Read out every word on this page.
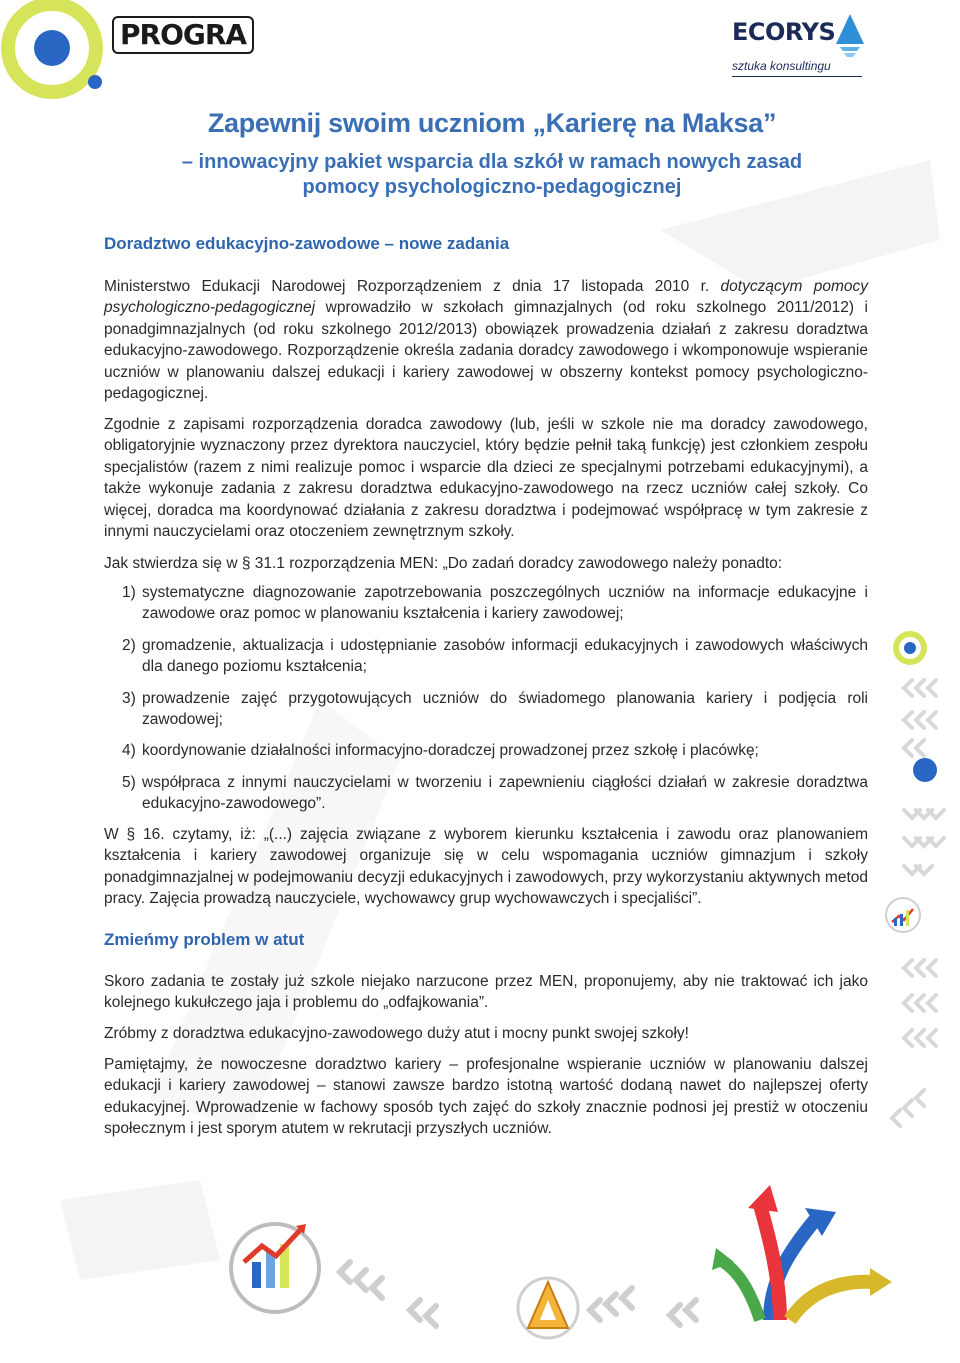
PROGRA	ECORYS
sztuka konsultingu
Zapewnij swoim uczniom „Karierę na Maksa”

– innowacyjny pakiet wsparcia dla szkół w ramach nowych zasad
pomocy psychologiczno-pedagogicznej

Doradztwo edukacyjno-zawodowe – nowe zadania

Ministerstwo Edukacji Narodowej Rozporządzeniem z dnia 17 listopada 2010 r. dotyczącym pomocy psychologiczno-pedagogicznej wprowadziło w szkołach gimnazjalnych (od roku szkolnego 2011/2012) i ponadgimnazjalnych (od roku szkolnego 2012/2013) obowiązek prowadzenia działań z zakresu doradztwa edukacyjno-zawodowego. Rozporządzenie określa zadania doradcy zawodowego i wkomponowuje wspieranie uczniów w planowaniu dalszej edukacji i kariery zawodowej w obszerny kontekst pomocy psychologiczno-pedagogicznej.

Zgodnie z zapisami rozporządzenia doradca zawodowy (lub, jeśli w szkole nie ma doradcy zawodowego, obligatoryjnie wyznaczony przez dyrektora nauczyciel, który będzie pełnił taką funkcję) jest członkiem zespołu specjalistów (razem z nimi realizuje pomoc i wsparcie dla dzieci ze specjalnymi potrzebami edukacyjnymi), a także wykonuje zadania z zakresu doradztwa edukacyjno-zawodowego na rzecz uczniów całej szkoły. Co więcej, doradca ma koordynować działania z zakresu doradztwa i podejmować współpracę w tym zakresie z innymi nauczycielami oraz otoczeniem zewnętrznym szkoły.

Jak stwierdza się w § 31.1 rozporządzenia MEN: „Do zadań doradcy zawodowego należy ponadto:

1) systematyczne diagnozowanie zapotrzebowania poszczególnych uczniów na informacje edukacyjne i zawodowe oraz pomoc w planowaniu kształcenia i kariery zawodowej;
2) gromadzenie, aktualizacja i udostępnianie zasobów informacji edukacyjnych i zawodowych właściwych dla danego poziomu kształcenia;
3) prowadzenie zajęć przygotowujących uczniów do świadomego planowania kariery i podjęcia roli zawodowej;
4) koordynowanie działalności informacyjno-doradczej prowadzonej przez szkołę i placówkę;
5) współpraca z innymi nauczycielami w tworzeniu i zapewnieniu ciągłości działań w zakresie doradztwa edukacyjno-zawodowego”.

W § 16. czytamy, iż: „(...) zajęcia związane z wyborem kierunku kształcenia i zawodu oraz planowaniem kształcenia i kariery zawodowej organizuje się w celu wspomagania uczniów gimnazjum i szkoły ponadgimnazjalnej w podejmowaniu decyzji edukacyjnych i zawodowych, przy wykorzystaniu aktywnych metod pracy. Zajęcia prowadzą nauczyciele, wychowawcy grup wychowawczych i specjaliści”.

Zmieńmy problem w atut

Skoro zadania te zostały już szkole niejako narzucone przez MEN, proponujemy, aby nie traktować ich jako kolejnego kukułczego jaja i problemu do „odfajkowania”.

Zróbmy z doradztwa edukacyjno-zawodowego duży atut i mocny punkt swojej szkoły!

Pamiętajmy, że nowoczesne doradztwo kariery – profesjonalne wspieranie uczniów w planowaniu dalszej edukacji i kariery zawodowej – stanowi zawsze bardzo istotną wartość dodaną nawet do najlepszej oferty edukacyjnej. Wprowadzenie w fachowy sposób tych zajęć do szkoły znacznie podnosi jej prestiż w otoczeniu społecznym i jest sporym atutem w rekrutacji przyszłych uczniów.
